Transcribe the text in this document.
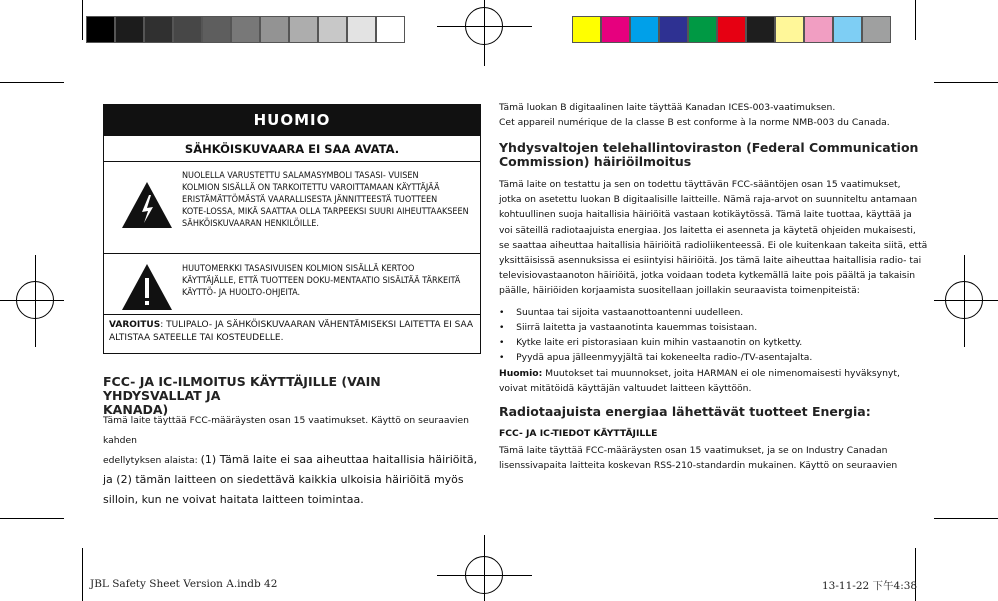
HUOMIO
SÄHKÖISKUVAARA EI SAA AVATA.
NUOLELLA VARUSTETTU SALAMASYMBOLI TASASI- VUISEN
KOLMION SISÄLLÄ ON TARKOITETTU VAROITTAMAAN KÄYTTÄJÄÄ
ERISTÄMÄTTÖMÄSTÄ VAARALLISESTA JÄNNITTEESTÄ TUOTTEEN
KOTE-LOSSA, MIKÄ SAATTAA OLLA TARPEEKSI SUURI AIHEUTTAAKSEEN
SÄHKÖISKUVAARAN HENKILÖILLE.
HUUTOMERKKI TASASIVUISEN KOLMION SISÄLLÄ KERTOO
KÄYTTÄJÄLLE, ETTÄ TUOTTEEN DOKU-MENTAATIO SISÄLTÄÄ TÄRKEITÄ
KÄYTTÖ- JA HUOLTO-OHJEITA.
VAROITUS: TULIPALO- JA SÄHKÖISKUVAARAN VÄHENTÄMISEKSI LAITETTA EI SAA ALTISTAA SATEELLE TAI KOSTEUDELLE.
FCC- JA IC-ILMOITUS KÄYTTÄJILLE (VAIN YHDYSVALLAT JA
KANADA)
Tämä laite täyttää FCC-määräysten osan 15 vaatimukset. Käyttö on seuraavien kahden
edellytyksen alaista: (1) Tämä laite ei saa aiheuttaa haitallisia häiriöitä, ja (2) tämän laitteen on siedettävä kaikkia ulkoisia häiriöitä myös silloin, kun ne voivat haitata laitteen toimintaa.
Tämä luokan B digitaalinen laite täyttää Kanadan ICES-003-vaatimuksen.
Cet appareil numérique de la classe B est conforme à la norme NMB-003 du Canada.
Yhdysvaltojen telehallintoviraston (Federal Communication
Commission) häiriöilmoitus
Tämä laite on testattu ja sen on todettu täyttävän FCC-sääntöjen osan 15 vaatimukset,
jotka on asetettu luokan B digitaalisille laitteille. Nämä raja-arvot on suunniteltu antamaan
kohtuullinen suoja haitallisia häiriöitä vastaan kotikäytössä. Tämä laite tuottaa, käyttää ja
voi säteillä radiotaajuista energiaa. Jos laitetta ei asenneta ja käytetä ohjeiden mukaisesti,
se saattaa aiheuttaa haitallisia häiriöitä radioliikenteessä. Ei ole kuitenkaan takeita siitä, että
yksittäisissä asennuksissa ei esiintyisi häiriöitä. Jos tämä laite aiheuttaa haitallisia radio- tai
televisiovastaanoton häiriöitä, jotka voidaan todeta kytkemällä laite pois päältä ja takaisin
päälle, häiriöiden korjaamista suositellaan joillakin seuraavista toimenpiteistä:
•    Suuntaa tai sijoita vastaanottoantenni uudelleen.
•    Siirrä laitetta ja vastaanotinta kauemmas toisistaan.
•    Kytke laite eri pistorasiaan kuin mihin vastaanotin on kytketty.
•    Pyydä apua jälleenmyyjältä tai kokeneelta radio-/TV-asentajalta.
Huomio: Muutokset tai muunnokset, joita HARMAN ei ole nimenomaisesti hyväksynyt,
voivat mitätöidä käyttäjän valtuudet laitteen käyttöön.
Radiotaajuista energiaa lähettävät tuotteet Energia:
FCC- JA IC-TIEDOT KÄYTTÄJILLE
Tämä laite täyttää FCC-määräysten osan 15 vaatimukset, ja se on Industry Canadan
lisenssivapaita laitteita koskevan RSS-210-standardin mukainen. Käyttö on seuraavien
JBL Safety Sheet Version A.indb 42	13-11-22 下午4:38
